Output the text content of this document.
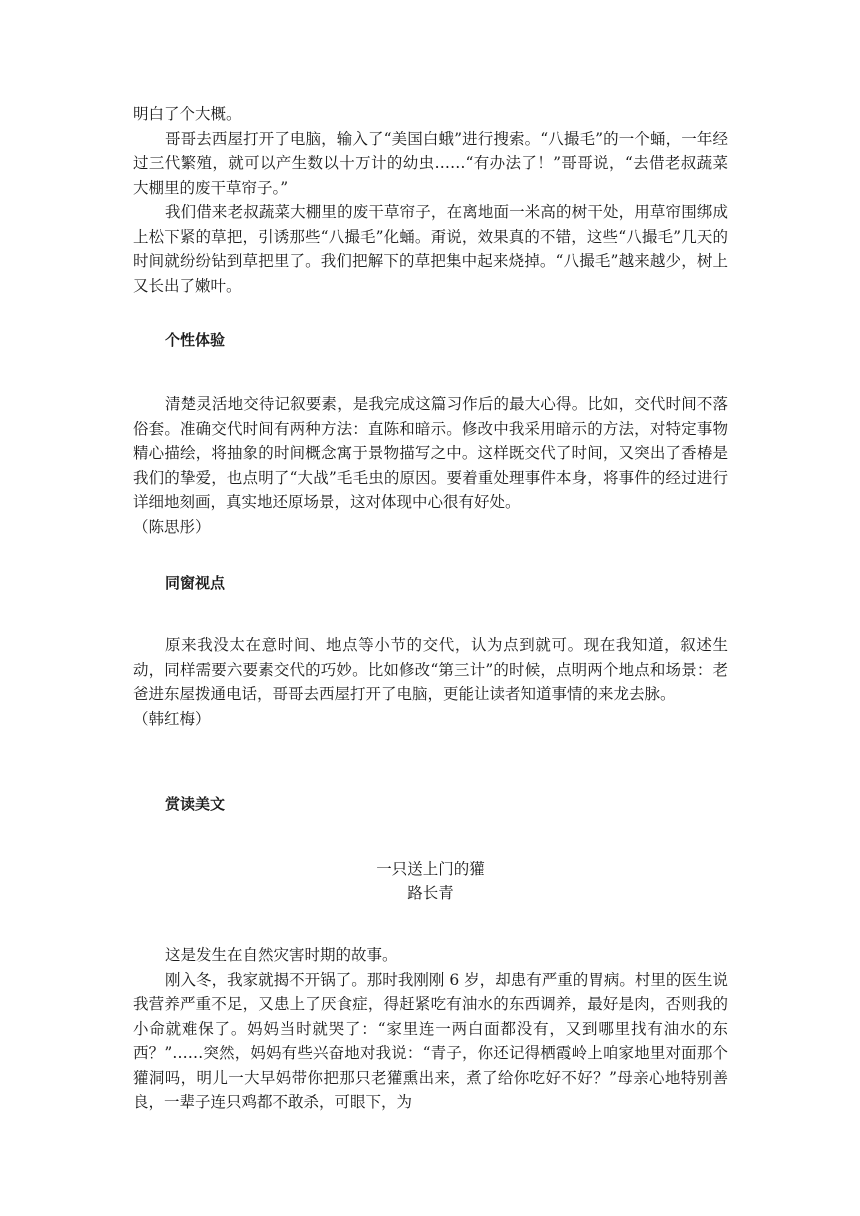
明白了个大概。

哥哥去西屋打开了电脑，输入了“美国白蛾”进行搜索。“八撮毛”的一个蛹，一年经过三代繁殖，就可以产生数以十万计的幼虫……“有办法了！”哥哥说，“去借老叔蔬菜大棚里的废干草帘子。”

我们借来老叔蔬菜大棚里的废干草帘子，在离地面一米高的树干处，用草帘围绑成上松下紧的草把，引诱那些“八撮毛”化蛹。甭说，效果真的不错，这些“八撮毛”几天的时间就纷纷钻到草把里了。我们把解下的草把集中起来烧掉。“八撮毛”越来越少，树上又长出了嫩叶。

个性体验

清楚灵活地交待记叙要素，是我完成这篇习作后的最大心得。比如，交代时间不落俗套。准确交代时间有两种方法：直陈和暗示。修改中我采用暗示的方法，对特定事物精心描绘，将抽象的时间概念寓于景物描写之中。这样既交代了时间，又突出了香椿是我们的挚爱，也点明了“大战”毛毛虫的原因。要着重处理事件本身，将事件的经过进行详细地刻画，真实地还原场景，这对体现中心很有好处。

（陈思彤）

同窗视点

原来我没太在意时间、地点等小节的交代，认为点到就可。现在我知道，叙述生动，同样需要六要素交代的巧妙。比如修改“第三计”的时候，点明两个地点和场景：老爸进东屋拨通电话，哥哥去西屋打开了电脑，更能让读者知道事情的来龙去脉。

（韩红梅）

赏读美文

一只送上门的獾

路长青

这是发生在自然灾害时期的故事。

刚入冬，我家就揭不开锅了。那时我刚刚 6 岁，却患有严重的胃病。村里的医生说我营养严重不足，又患上了厌食症，得赶紧吃有油水的东西调养，最好是肉，否则我的小命就难保了。妈妈当时就哭了：“家里连一两白面都没有，又到哪里找有油水的东西？”……突然，妈妈有些兴奋地对我说：“青子，你还记得栖霞岭上咱家地里对面那个獾洞吗，明儿一大早妈带你把那只老獾熏出来，煮了给你吃好不好？”母亲心地特别善良，一辈子连只鸡都不敢杀，可眼下，为
